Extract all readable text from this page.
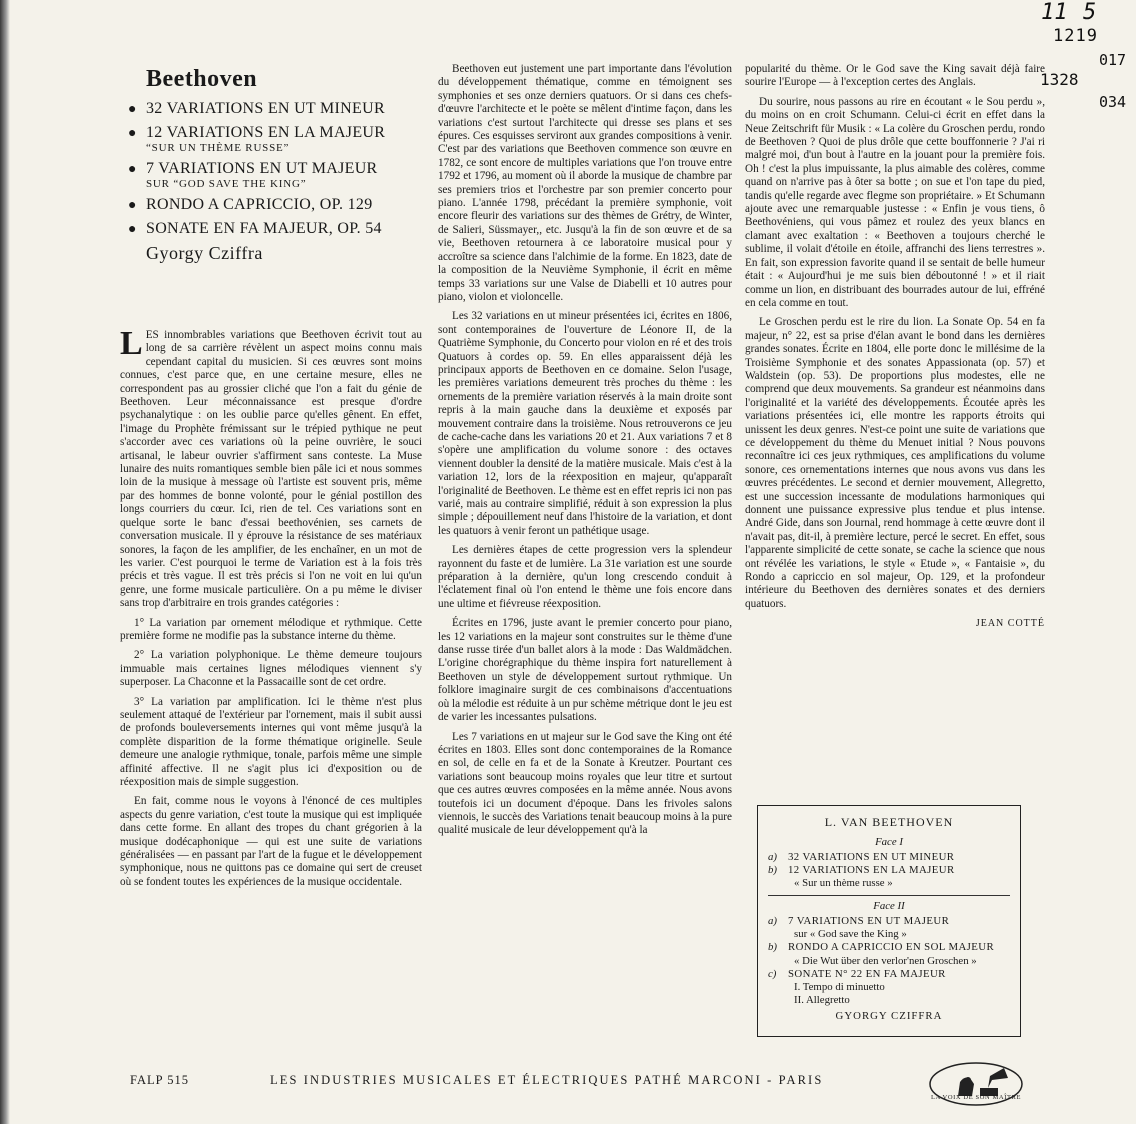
11 5
1219
017
1328
034
Beethoven
● 32 VARIATIONS EN UT MINEUR
● 12 VARIATIONS EN LA MAJEUR
“SUR UN THÈME RUSSE”
● 7 VARIATIONS EN UT MAJEUR
SUR “GOD SAVE THE KING”
● RONDO A CAPRICCIO, OP. 129
● SONATE EN FA MAJEUR, OP. 54
Gyorgy Cziffra

LES innombrables variations que Beethoven écrivit tout au long de sa carrière révèlent un aspect moins connu mais cependant capital du musicien. Si ces œuvres sont moins connues, c'est parce que, en une certaine mesure, elles ne correspondent pas au grossier cliché que l'on a fait du génie de Beethoven. Leur méconnaissance est presque d'ordre psychanalytique : on les oublie parce qu'elles gênent. En effet, l'image du Prophète frémissant sur le trépied pythique ne peut s'accorder avec ces variations où la peine ouvrière, le souci artisanal, le labeur ouvrier s'affirment sans conteste. La Muse lunaire des nuits romantiques semble bien pâle ici et nous sommes loin de la musique à message où l'artiste est souvent pris, même par des hommes de bonne volonté, pour le génial postillon des longs courriers du cœur. Ici, rien de tel. Ces variations sont en quelque sorte le banc d'essai beethovénien, ses carnets de conversation musicale. Il y éprouve la résistance de ses matériaux sonores, la façon de les amplifier, de les enchaîner, en un mot de les varier. C'est pourquoi le terme de Variation est à la fois très précis et très vague. Il est très précis si l'on ne voit en lui qu'un genre, une forme musicale particulière. On a pu même le diviser sans trop d'arbitraire en trois grandes catégories :

1° La variation par ornement mélodique et rythmique. Cette première forme ne modifie pas la substance interne du thème.

2° La variation polyphonique. Le thème demeure toujours immuable mais certaines lignes mélodiques viennent s'y superposer. La Chaconne et la Passacaille sont de cet ordre.

3° La variation par amplification. Ici le thème n'est plus seulement attaqué de l'extérieur par l'ornement, mais il subit aussi de profonds bouleversements internes qui vont même jusqu'à la complète disparition de la forme thématique originelle. Seule demeure une analogie rythmique, tonale, parfois même une simple affinité affective. Il ne s'agit plus ici d'exposition ou de réexposition mais de simple suggestion.

En fait, comme nous le voyons à l'énoncé de ces multiples aspects du genre variation, c'est toute la musique qui est impliquée dans cette forme. En allant des tropes du chant grégorien à la musique dodécaphonique — qui est une suite de variations généralisées — en passant par l'art de la fugue et le développement symphonique, nous ne quittons pas ce domaine qui sert de creuset où se fondent toutes les expériences de la musique occidentale.

Beethoven eut justement une part importante dans l'évolution du développement thématique, comme en témoignent ses symphonies et ses onze derniers quatuors. Or si dans ces chefs-d'œuvre l'architecte et le poète se mêlent d'intime façon, dans les variations c'est surtout l'architecte qui dresse ses plans et ses épures. Ces esquisses serviront aux grandes compositions à venir. C'est par des variations que Beethoven commence son œuvre en 1782, ce sont encore de multiples variations que l'on trouve entre 1792 et 1796, au moment où il aborde la musique de chambre par ses premiers trios et l'orchestre par son premier concerto pour piano. L'année 1798, précédant la première symphonie, voit encore fleurir des variations sur des thèmes de Grétry, de Winter, de Salieri, Süssmayer,, etc. Jusqu'à la fin de son œuvre et de sa vie, Beethoven retournera à ce laboratoire musical pour y accroître sa science dans l'alchimie de la forme. En 1823, date de la composition de la Neuvième Symphonie, il écrit en même temps 33 variations sur une Valse de Diabelli et 10 autres pour piano, violon et violoncelle.

Les 32 variations en ut mineur présentées ici, écrites en 1806, sont contemporaines de l'ouverture de Léonore II, de la Quatrième Symphonie, du Concerto pour violon en ré et des trois Quatuors à cordes op. 59. En elles apparaissent déjà les principaux apports de Beethoven en ce domaine. Selon l'usage, les premières variations demeurent très proches du thème : les ornements de la première variation réservés à la main droite sont repris à la main gauche dans la deuxième et exposés par mouvement contraire dans la troisième. Nous retrouverons ce jeu de cache-cache dans les variations 20 et 21. Aux variations 7 et 8 s'opère une amplification du volume sonore : des octaves viennent doubler la densité de la matière musicale. Mais c'est à la variation 12, lors de la réexposition en majeur, qu'apparaît l'originalité de Beethoven. Le thème est en effet repris ici non pas varié, mais au contraire simplifié, réduit à son expression la plus simple ; dépouillement neuf dans l'histoire de la variation, et dont les quatuors à venir feront un pathétique usage.

Les dernières étapes de cette progression vers la splendeur rayonnent du faste et de lumière. La 31e variation est une sourde préparation à la dernière, qu'un long crescendo conduit à l'éclatement final où l'on entend le thème une fois encore dans une ultime et fiévreuse réexposition.

Écrites en 1796, juste avant le premier concerto pour piano, les 12 variations en la majeur sont construites sur le thème d'une danse russe tirée d'un ballet alors à la mode : Das Waldmädchen. L'origine chorégraphique du thème inspira fort naturellement à Beethoven un style de développement surtout rythmique. Un folklore imaginaire surgit de ces combinaisons d'accentuations où la mélodie est réduite à un pur schème métrique dont le jeu est de varier les incessantes pulsations.

Les 7 variations en ut majeur sur le God save the King ont été écrites en 1803. Elles sont donc contemporaines de la Romance en sol, de celle en fa et de la Sonate à Kreutzer. Pourtant ces variations sont beaucoup moins royales que leur titre et surtout que ces autres œuvres composées en la même année. Nous avons toutefois ici un document d'époque. Dans les frivoles salons viennois, le succès des Variations tenait beaucoup moins à la pure qualité musicale de leur développement qu'à la

popularité du thème. Or le God save the King savait déjà faire sourire l'Europe — à l'exception certes des Anglais.

Du sourire, nous passons au rire en écoutant « le Sou perdu », du moins on en croit Schumann. Celui-ci écrit en effet dans la Neue Zeitschrift für Musik : « La colère du Groschen perdu, rondo de Beethoven ? Quoi de plus drôle que cette bouffonnerie ? J'ai ri malgré moi, d'un bout à l'autre en la jouant pour la première fois. Oh ! c'est la plus impuissante, la plus aimable des colères, comme quand on n'arrive pas à ôter sa botte ; on sue et l'on tape du pied, tandis qu'elle regarde avec flegme son propriétaire. » Et Schumann ajoute avec une remarquable justesse : « Enfin je vous tiens, ô Beethovéniens, qui vous pâmez et roulez des yeux blancs en clamant avec exaltation : « Beethoven a toujours cherché le sublime, il volait d'étoile en étoile, affranchi des liens terrestres ». En fait, son expression favorite quand il se sentait de belle humeur était : « Aujourd'hui je me suis bien déboutonné ! » et il riait comme un lion, en distribuant des bourrades autour de lui, effréné en cela comme en tout.

Le Groschen perdu est le rire du lion. La Sonate Op. 54 en fa majeur, n° 22, est sa prise d'élan avant le bond dans les dernières grandes sonates. Écrite en 1804, elle porte donc le millésime de la Troisième Symphonie et des sonates Appassionata (op. 57) et Waldstein (op. 53). De proportions plus modestes, elle ne comprend que deux mouvements. Sa grandeur est néanmoins dans l'originalité et la variété des développements. Écoutée après les variations présentées ici, elle montre les rapports étroits qui unissent les deux genres. N'est-ce point une suite de variations que ce développement du thème du Menuet initial ? Nous pouvons reconnaître ici ces jeux rythmiques, ces amplifications du volume sonore, ces ornementations internes que nous avons vus dans les œuvres précédentes. Le second et dernier mouvement, Allegretto, est une succession incessante de modulations harmoniques qui donnent une puissance expressive plus tendue et plus intense. André Gide, dans son Journal, rend hommage à cette œuvre dont il n'avait pas, dit-il, à première lecture, percé le secret. En effet, sous l'apparente simplicité de cette sonate, se cache la science que nous ont révélée les variations, le style « Etude », « Fantaisie », du Rondo a capriccio en sol majeur, Op. 129, et la profondeur intérieure du Beethoven des dernières sonates et des derniers quatuors.

JEAN COTTÉ
L. VAN BEETHOVEN
Face I
a)	32 VARIATIONS EN UT MINEUR
b)	12 VARIATIONS EN LA MAJEUR
« Sur un thème russe »
Face II
a)	7 VARIATIONS EN UT MAJEUR
sur « God save the King »
b)	RONDO A CAPRICCIO EN SOL MAJEUR
« Die Wut über den verlor'nen Groschen »
c)	SONATE N° 22 EN FA MAJEUR
I. Tempo di minuetto
II. Allegretto
GYORGY CZIFFRA
FALP 515	LES INDUSTRIES MUSICALES ET ÉLECTRIQUES PATHÉ MARCONI - PARIS
LA VOIX DE SON MAÎTRE
